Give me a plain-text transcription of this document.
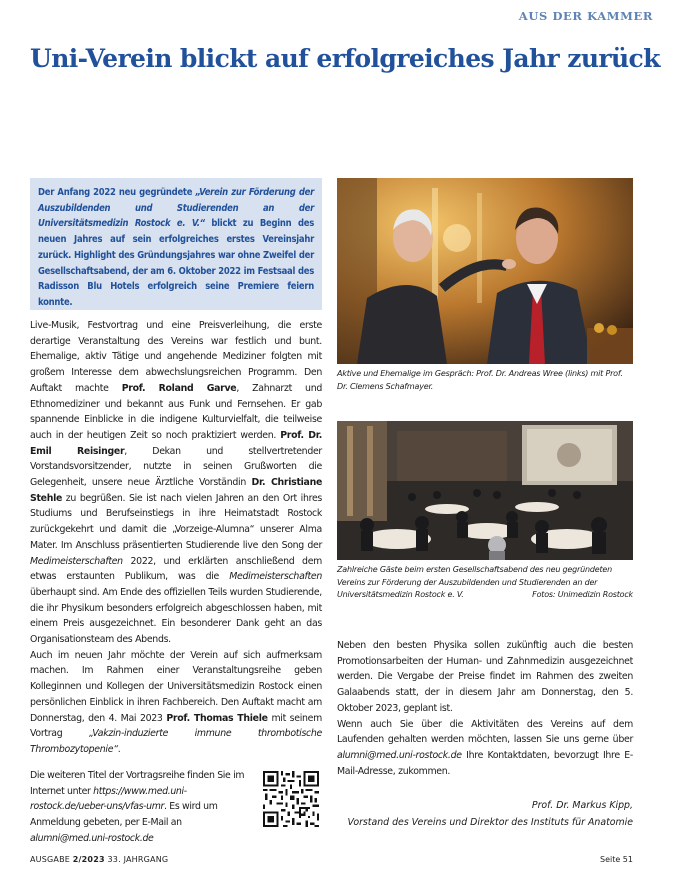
AUS DER KAMMER
Uni-Verein blickt auf erfolgreiches Jahr zurück
Der Anfang 2022 neu gegründete „Verein zur Förderung der Auszubildenden und Studierenden an der Universitätsmedizin Rostock e. V.“ blickt zu Beginn des neuen Jahres auf sein erfolgreiches erstes Vereinsjahr zurück. Highlight des Gründungsjahres war ohne Zweifel der Gesellschaftsabend, der am 6. Oktober 2022 im Festsaal des Radisson Blu Hotels erfolgreich seine Premiere feiern konnte.

Live-Musik, Festvortrag und eine Preisverleihung, die erste derartige Veranstaltung des Vereins war festlich und bunt. Ehemalige, aktiv Tätige und angehende Mediziner folgten mit großem Interesse dem abwechslungsreichen Programm. Den Auftakt machte Prof. Roland Garve, Zahnarzt und Ethnomediziner und bekannt aus Funk und Fernsehen. Er gab spannende Einblicke in die indigene Kulturvielfalt, die teilweise auch in der heutigen Zeit so noch praktiziert werden. Prof. Dr. Emil Reisinger, Dekan und stellvertretender Vorstandsvorsitzender, nutzte in seinen Grußworten die Gelegenheit, unsere neue Ärztliche Vorständin Dr. Christiane Stehle zu begrüßen. Sie ist nach vielen Jahren an den Ort ihres Studiums und Berufseinstiegs in ihre Heimatstadt Rostock zurückgekehrt und damit die „Vorzeige-Alumna“ unserer Alma Mater. Im Anschluss präsentierten Studierende live den Song der Medimeisterschaften 2022, und erklärten anschließend dem etwas erstaunten Publikum, was die Medimeisterschaften überhaupt sind. Am Ende des offiziellen Teils wurden Studierende, die ihr Physikum besonders erfolgreich abgeschlossen haben, mit einem Preis ausgezeichnet. Ein besonderer Dank geht an das Organisationsteam des Abends.

Auch im neuen Jahr möchte der Verein auf sich aufmerksam machen. Im Rahmen einer Veranstaltungsreihe geben Kolleginnen und Kollegen der Universitätsmedizin Rostock einen persönlichen Einblick in ihren Fachbereich. Den Auftakt macht am Donnerstag, den 4. Mai 2023 Prof. Thomas Thiele mit seinem Vortrag „Vakzin-induzierte immune thrombotische Thrombozytopenie“.

Die weiteren Titel der Vortragsreihe finden Sie im Internet unter https://www.med.uni-rostock.de/ueber-uns/vfas-umr. Es wird um Anmeldung gebeten, per E-Mail an alumni@med.uni-rostock.de

Aktive und Ehemalige im Gespräch: Prof. Dr. Andreas Wree (links) mit Prof. Dr. Clemens Schafmayer.
Zahlreiche Gäste beim ersten Gesellschaftsabend des neu gegründeten Vereins zur Förderung der Auszubildenden und Studierenden an der Universitätsmedizin Rostock e. V.	Fotos: Unimedizin Rostock

Neben den besten Physika sollen zukünftig auch die besten Promotionsarbeiten der Human- und Zahnmedizin ausgezeichnet werden. Die Vergabe der Preise findet im Rahmen des zweiten Galaabends statt, der in diesem Jahr am Donnerstag, den 5. Oktober 2023, geplant ist.

Wenn auch Sie über die Aktivitäten des Vereins auf dem Laufenden gehalten werden möchten, lassen Sie uns gerne über alumni@med.uni-rostock.de Ihre Kontaktdaten, bevorzugt Ihre E-Mail-Adresse, zukommen.

Prof. Dr. Markus Kipp,
Vorstand des Vereins und Direktor des Instituts für Anatomie
AUSGABE 2/2023 33. JAHRGANG	Seite 51
